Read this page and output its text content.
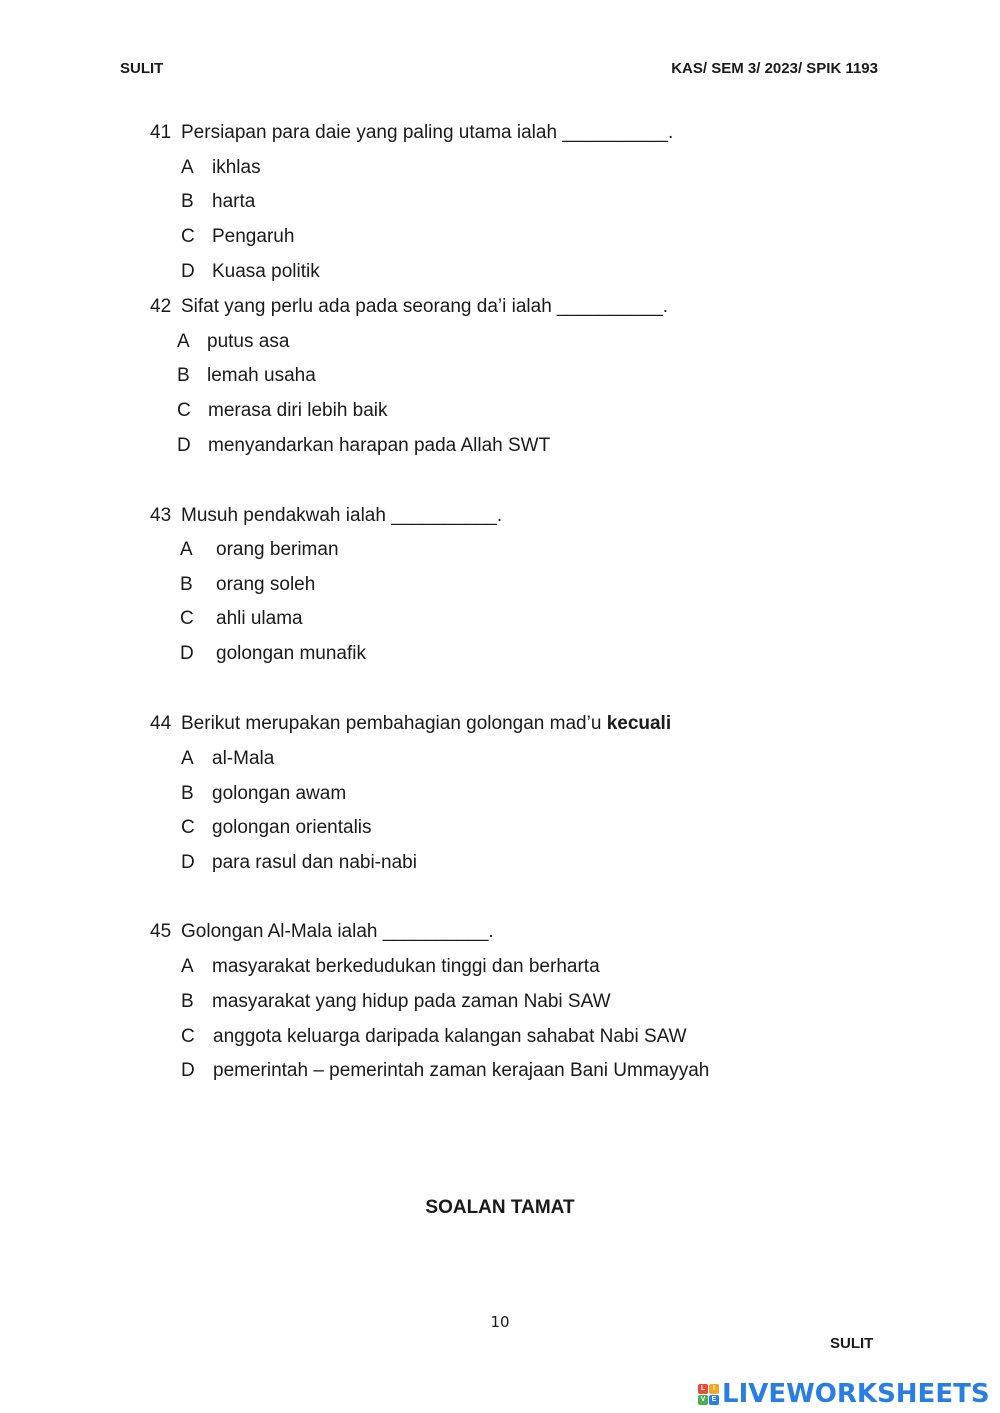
SULIT	KAS/ SEM 3/ 2023/ SPIK 1193
41 Persiapan para daie yang paling utama ialah __________.
A ikhlas
B harta
C Pengaruh
D Kuasa politik
42 Sifat yang perlu ada pada seorang da’i ialah __________.
A putus asa
B lemah usaha
C merasa diri lebih baik
D menyandarkan harapan pada Allah SWT
43 Musuh pendakwah ialah __________.
A orang beriman
B orang soleh
C ahli ulama
D golongan munafik
44 Berikut merupakan pembahagian golongan mad’u kecuali
A al-Mala
B golongan awam
C golongan orientalis
D para rasul dan nabi-nabi
45 Golongan Al-Mala ialah __________.
A masyarakat berkedudukan tinggi dan berharta
B masyarakat yang hidup pada zaman Nabi SAW
C anggota keluarga daripada kalangan sahabat Nabi SAW
D pemerintah – pemerintah zaman kerajaan Bani Ummayyah
SOALAN TAMAT
10
SULIT
L	I
V E LIVEWORKSHEETS
